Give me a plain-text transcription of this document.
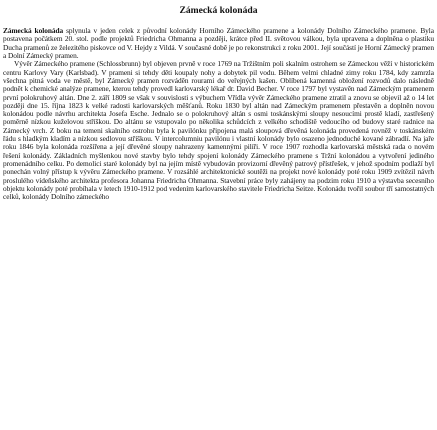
Zámecká kolonáda
Zámecká kolonáda splynula v jeden celek z původní kolonády Horního Zámeckého pramene a kolonády Dolního Zámeckého pramene. Byla postavena počátkem 20. stol. podle projektů Friedricha Ohmanna a později, krátce před II. světovou válkou, byla upravena a doplněna o plastiku Ducha pramenů ze železitého piskovce od V. Hejdy z Vildá. V současné době je po rekonstrukci z roku 2001. Její součástí je Horní Zámecký pramen a Dolní Zámecký pramen.
Vývěr Zámeckého pramene (Schlossbrunn) byl objeven prvně v roce 1769 na Tržištním poli skalním ostrohem se Zámeckou věží v historickém centru Karlovy Vary (Karlsbad). V prameni si tehdy děti koupaly nohy a dobytek pil vodu. Během velmi chladné zimy roku 1784, kdy zamrzla všechna pitná voda ve městě, byl Zámecký pramen rozváděn rourami do veřejných kašen. Oblíbená kamenná obložení rozvodů dalo následně podnět k chemické analýze pramene, kterou tehdy provedl karlovarský lékař dr. David Becher. V roce 1797 byl vystavěn nad Zámeckým pramenem první polokruhový altán. Dne 2. září 1809 se však v souvislosti s výbuchem Vřídla vývěr Zámeckého pramene ztratil a znovu se objevil až o 14 let později dne 15. října 1823 k velké radosti karlovarských měšťanů. Roku 1830 byl altán nad Zámeckým pramenem přestavěn a doplněn novou kolonádou podle návrhu architekta Josefa Esche. Jednalo se o polokruhový altán s osmi toskánskými sloupy nesoucími prostě kladí, zastřešený poměrně nízkou kuželovou stříškou. Do altánu se vstupovalo po několika schůdcích z velkého schodiště vedoucího od budovy staré radnice na Zámecký vrch. Z boku na temeni skalního ostrohu byla k pavilónku připojena malá sloupová dřevěná kolonáda provedená rovněž v toskánském řádu s hladkým kladím a nízkou sedlovou stříškou. V intercolumniu pavilónu i vlastní kolonády bylo osazeno jednoduché kované zábradlí. Na jaře roku 1846 byla kolonáda rozšířena a její dřevěné sloupy nahrazeny kamennými pilíři. V roce 1907 rozhodla karlovarská městská rada o novém řešení kolonády. Základních myšlenkou nové stavby bylo tehdy spojení kolonády Zámeckého pramene s Tržní kolonádou a vytvoření jediného promenádního celku. Po demolici staré kolonády byl na jejím místě vybudován provizorní dřevěný patrový přístřešek, v jehož spodním podlaží byl ponechán volný přístup k vývěru Zámeckého pramene. V rozsáhlé architektonické soutěži na projekt nové kolonády poté roku 1909 zvítězil návrh proslulého vídeňského architekta profesora Johanna Friedricha Ohmanna. Stavební práce byly zahájeny na podzim roku 1910 a výstavba secesního objektu kolonády poté probíhala v letech 1910-1912 pod vedením karlovarského stavitele Friedricha Seitze. Kolonádu tvořil soubor tří samostatných celků, kolonády Dolního zámeckého
